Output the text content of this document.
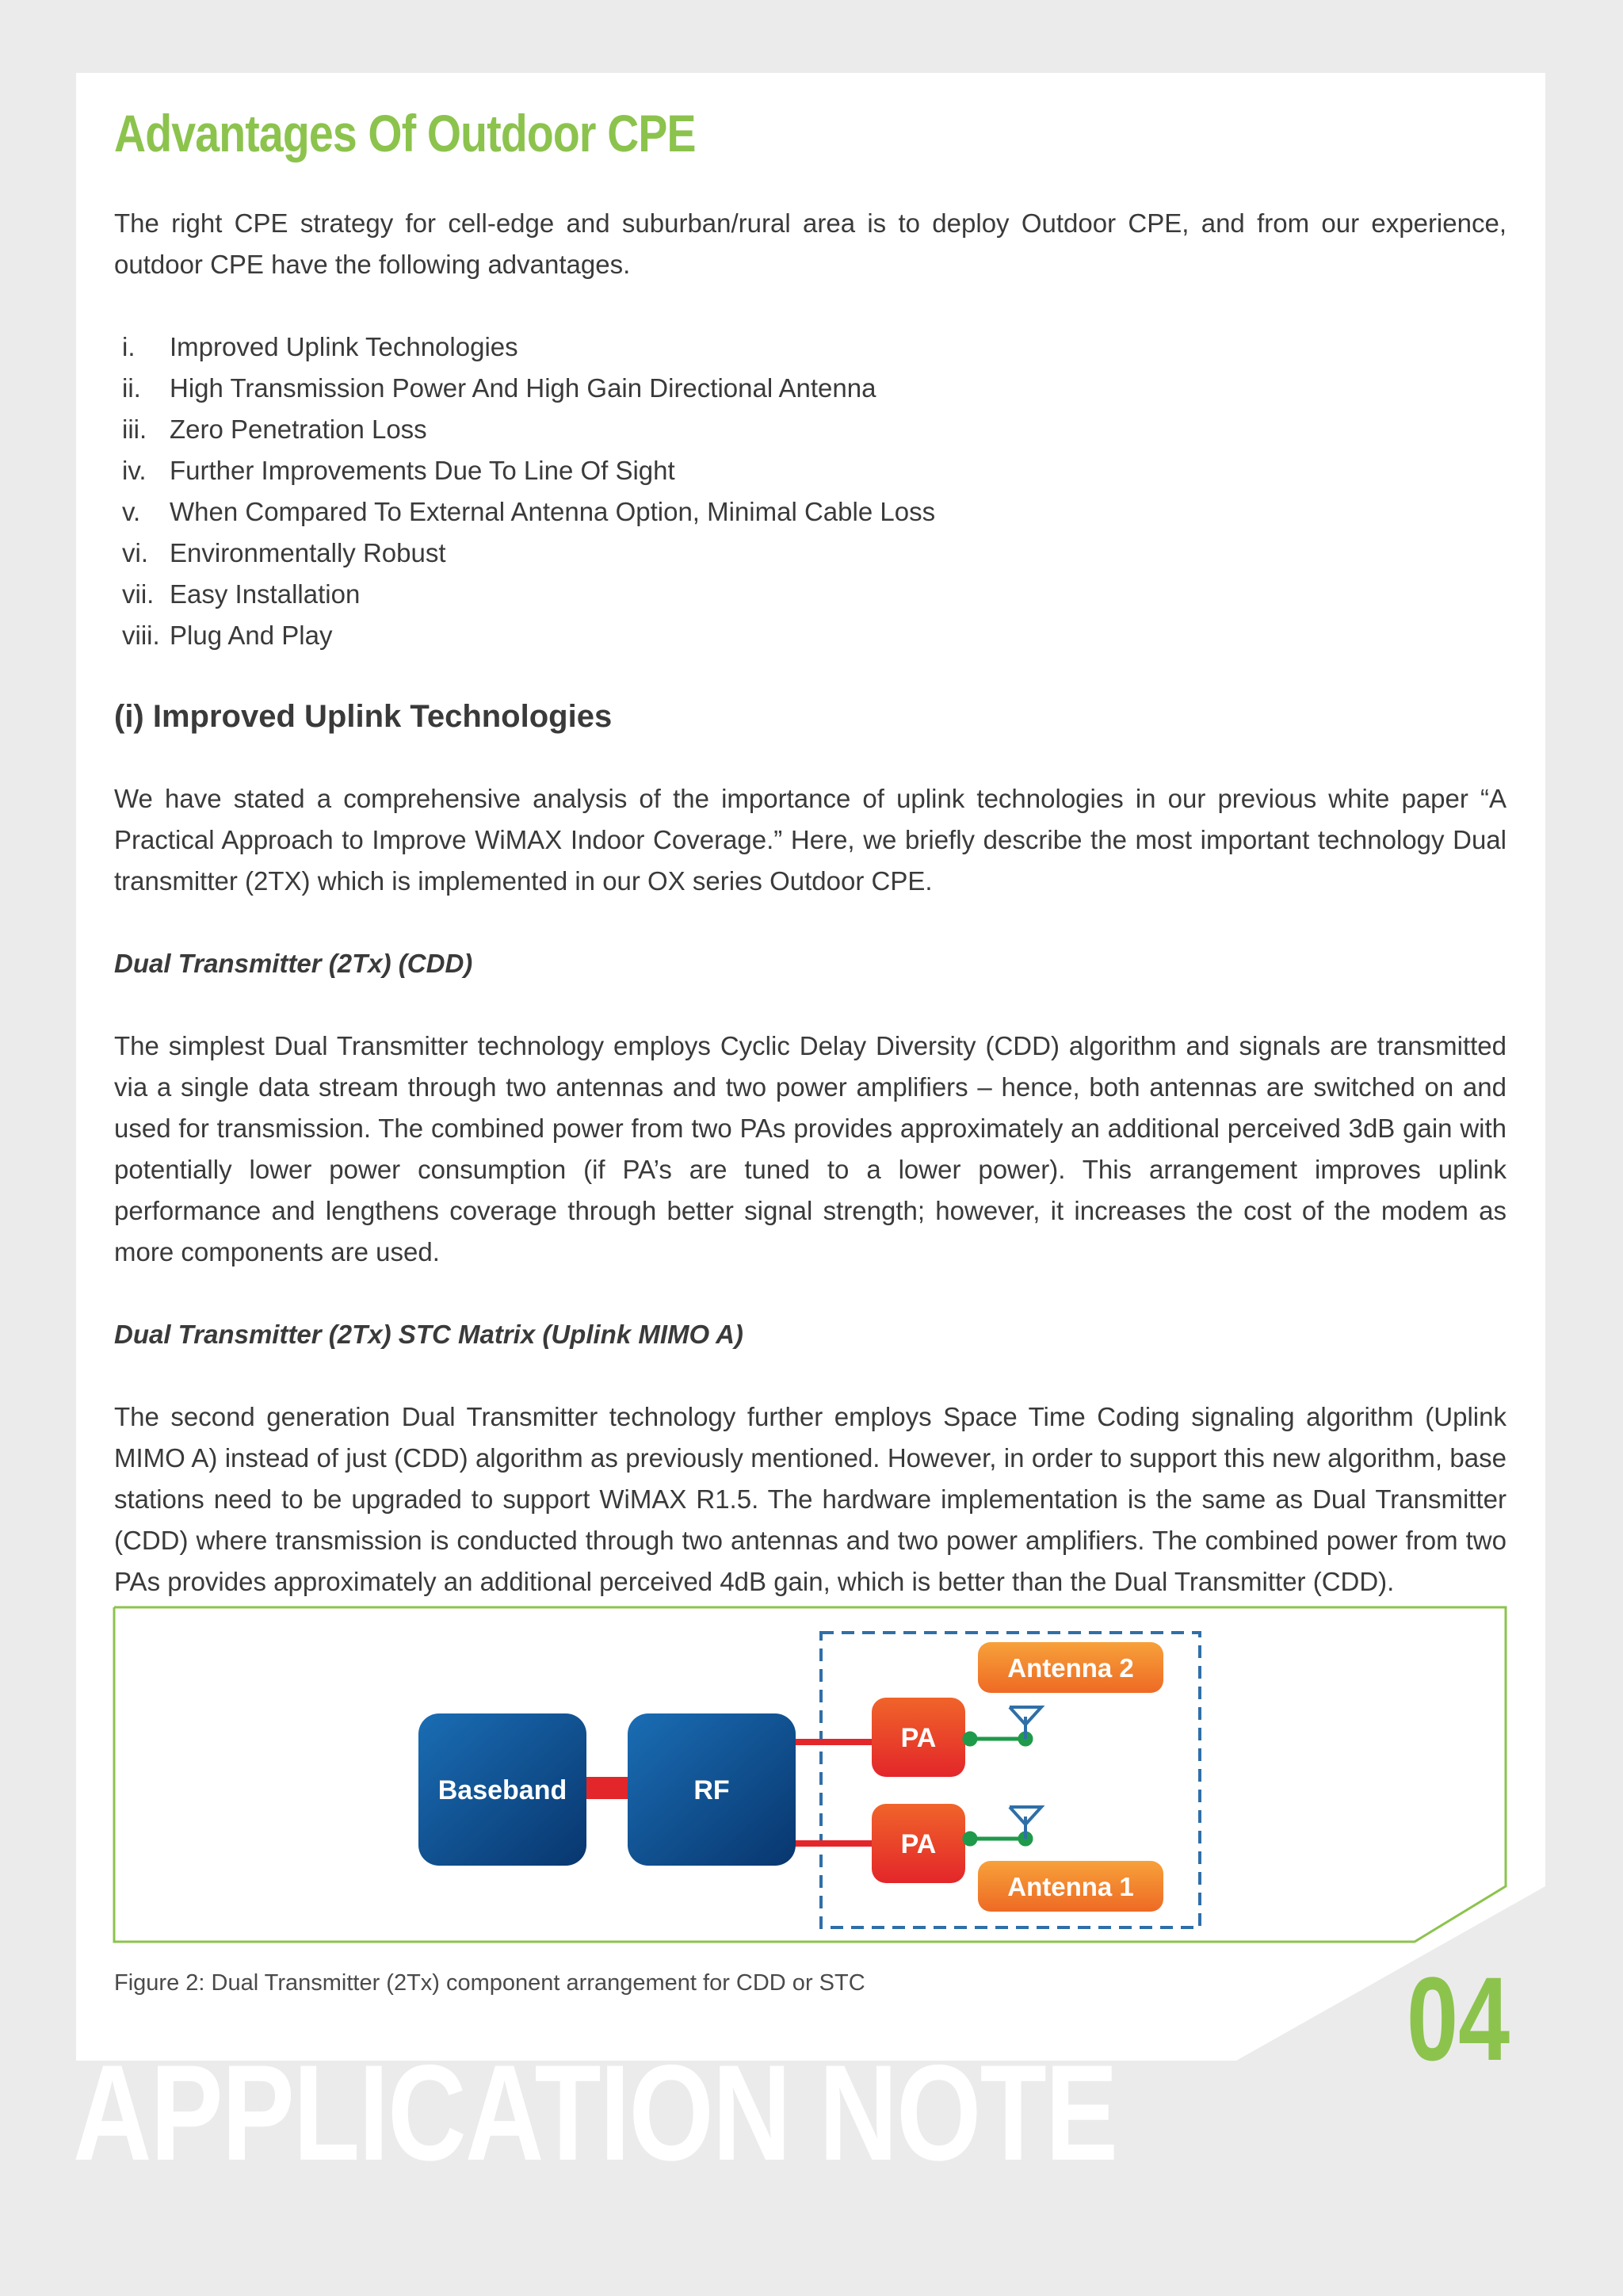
Advantages Of Outdoor CPE

The right CPE strategy for cell-edge and suburban/rural area is to deploy Outdoor CPE, and from our experience, outdoor CPE have the following advantages.

i.	Improved Uplink Technologies
ii.	High Transmission Power And High Gain Directional Antenna
iii. Zero Penetration Loss
iv. Further Improvements Due To Line Of Sight
v.	When Compared To External Antenna Option, Minimal Cable Loss
vi. Environmentally Robust
vii. Easy Installation
viii. Plug And Play
(i) Improved Uplink Technologies

We have stated a comprehensive analysis of the importance of uplink technologies in our previous white paper “A Practical Approach to Improve WiMAX Indoor Coverage.” Here, we briefly describe the most important technology Dual transmitter (2TX) which is implemented in our OX series Outdoor CPE.

Dual Transmitter (2Tx) (CDD)

The simplest Dual Transmitter technology employs Cyclic Delay Diversity (CDD) algorithm and signals are transmitted via a single data stream through two antennas and two power amplifiers – hence, both antennas are switched on and used for transmission. The combined power from two PAs provides approximately an additional perceived 3dB gain with potentially lower power consumption (if PA’s are tuned to a lower power). This arrangement improves uplink performance and lengthens coverage through better signal strength; however, it increases the cost of the modem as more components are used.

Dual Transmitter (2Tx) STC Matrix (Uplink MIMO A)

The second generation Dual Transmitter technology further employs Space Time Coding signaling algorithm (Uplink MIMO A) instead of just (CDD) algorithm as previously mentioned. However, in order to support this new algorithm, base stations need to be upgraded to support WiMAX R1.5. The hardware implementation is the same as Dual Transmitter (CDD) where transmission is conducted through two antennas and two power amplifiers. The combined power from two PAs provides approximately an additional perceived 4dB gain, which is better than the Dual Transmitter (CDD).

Baseband	RF
PA
PA
Antenna 2
Antenna 1
Figure 2: Dual Transmitter (2Tx) component arrangement for CDD or STC	04
APPLICATION NOTE
